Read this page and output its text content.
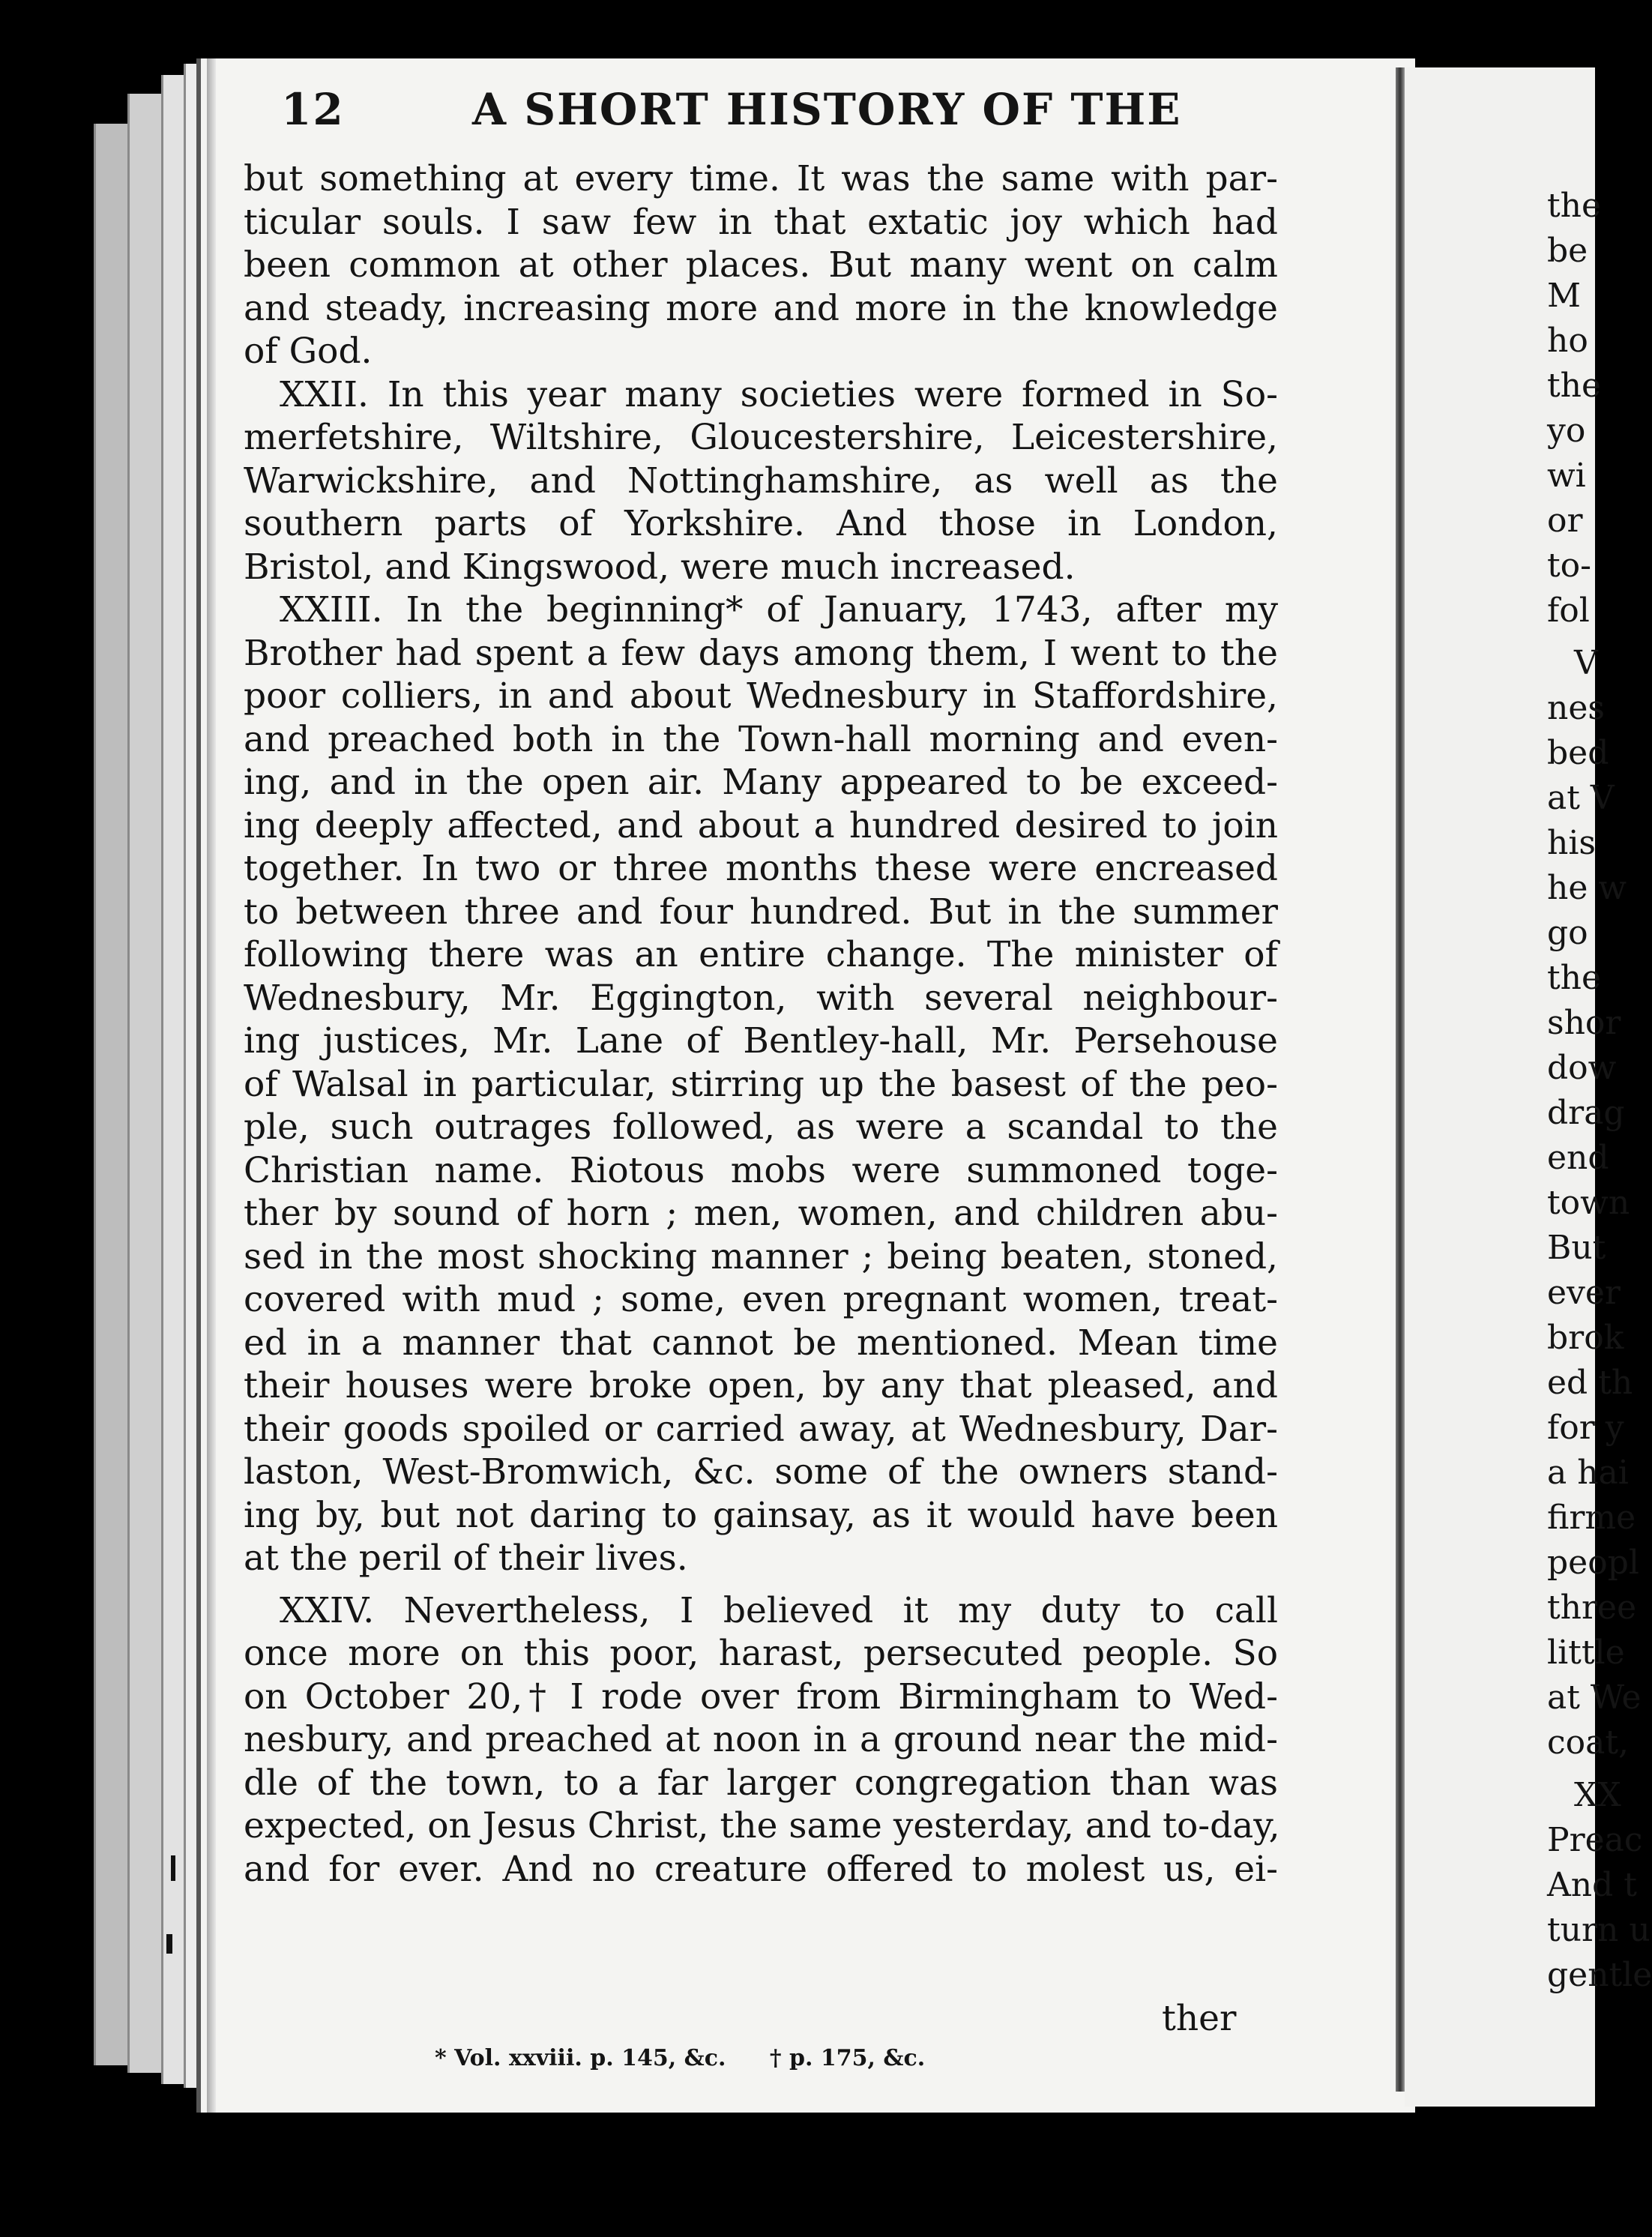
12	A SHORT HISTORY OF THE
but something at every time. It was the same with par-
ticular souls. I saw few in that extatic joy which had
been common at other places. But many went on calm
and steady, increasing more and more in the knowledge
of God.
XXII. In this year many societies were formed in So-
merfetshire, Wiltshire, Gloucestershire, Leicestershire,
Warwickshire, and Nottinghamshire, as well as the
southern parts of Yorkshire. And those in London,
Bristol, and Kingswood, were much increased.
XXIII. In the beginning* of January, 1743, after my
Brother had spent a few days among them, I went to the
poor colliers, in and about Wednesbury in Staffordshire,
and preached both in the Town-hall morning and even-
ing, and in the open air. Many appeared to be exceed-
ing deeply affected, and about a hundred desired to join
together. In two or three months these were encreased
to between three and four hundred. But in the summer
following there was an entire change. The minister of
Wednesbury, Mr. Eggington, with several neighbour-
ing justices, Mr. Lane of Bentley-hall, Mr. Persehouse
of Walsal in particular, stirring up the basest of the peo-
ple, such outrages followed, as were a scandal to the
Christian name. Riotous mobs were summoned toge-
ther by sound of horn ; men, women, and children abu-
sed in the most shocking manner ; being beaten, stoned,
covered with mud ; some, even pregnant women, treat-
ed in a manner that cannot be mentioned. Mean time
their houses were broke open, by any that pleased, and
their goods spoiled or carried away, at Wednesbury, Dar-
laston, West-Bromwich, &c. some of the owners stand-
ing by, but not daring to gainsay, as it would have been
at the peril of their lives.
XXIV. Nevertheless, I believed it my duty to call
once more on this poor, harast, persecuted people. So
on October 20,† I rode over from Birmingham to Wed-
nesbury, and preached at noon in a ground near the mid-
dle of the town, to a far larger congregation than was
expected, on Jesus Christ, the same yesterday, and to-day,
and for ever. And no creature offered to molest us, ei-
ther
* Vol. xxviii. p. 145, &c. † p. 175, &c.
the
be
M
ho
the
yo
wi
or
to-
fol
V
nes
bed
at V
his
he w
go
the
shor
dow
drag
end
town
But
ever
brok
ed th
for y
a hai
firme
peopl
three
little
at We
coat,
XX
Preac
And t
turn u
gentle
